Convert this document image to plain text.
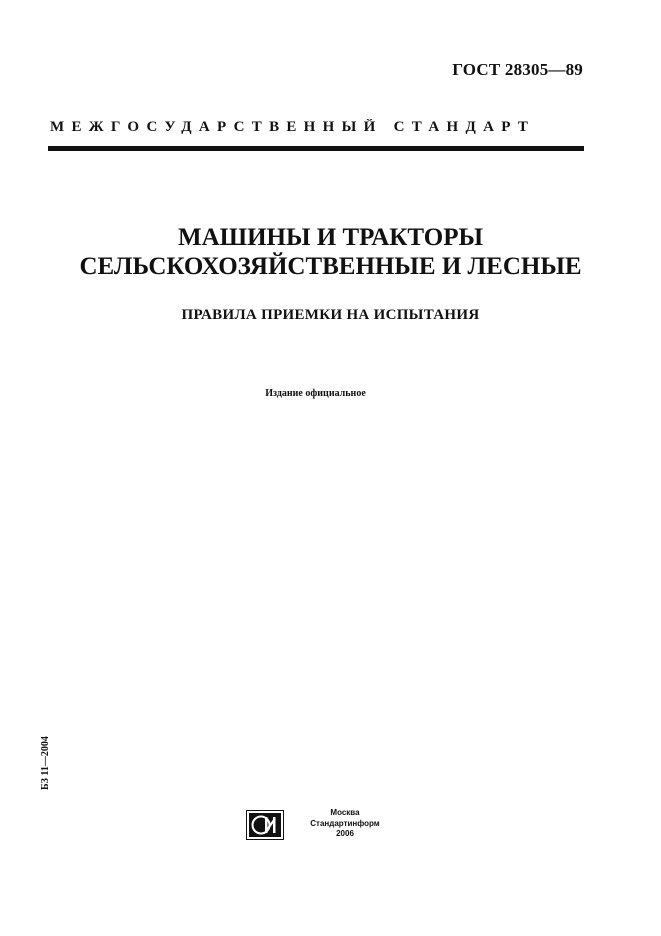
ГОСТ 28305—89
МЕЖГОСУДАРСТВЕННЫЙ СТАНДАРТ
МАШИНЫ И ТРАКТОРЫ
СЕЛЬСКОХОЗЯЙСТВЕННЫЕ И ЛЕСНЫЕ
ПРАВИЛА ПРИЕМКИ НА ИСПЫТАНИЯ
Издание официальное
БЗ 11—2004
Москва
Стандартинформ
2006
